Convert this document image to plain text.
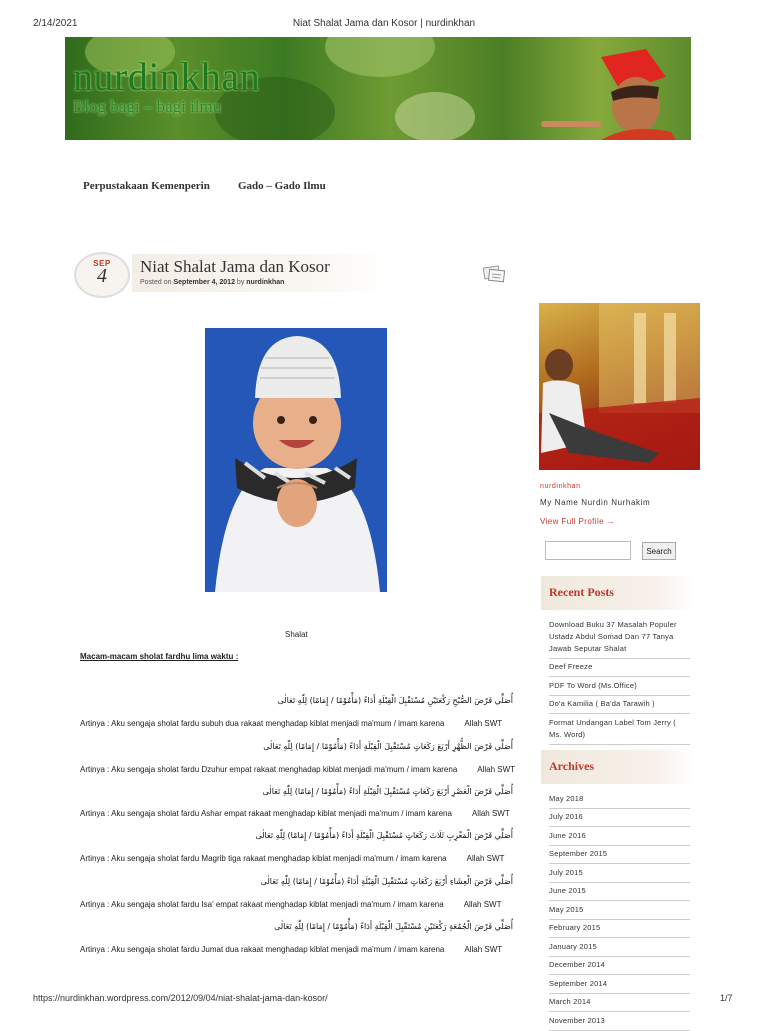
2/14/2021	Niat Shalat Jama dan Kosor | nurdinkhan
nurdinkhan
Blog bagi – bagi ilmu
Perpustakaan Kemenperin	Gado – Gado Ilmu
SEP
4	Niat Shalat Jama dan Kosor
Posted on September 4, 2012 by nurdinkhan
Shalat
Macam-macam sholat fardhu lima waktu :
أُصَلِّي فَرْضَ الصُّبْحِ رَكْعَتَيْنِ مُسْتَقْبِلَ الْقِبْلَةِ أَدَاءً (مَأْمُوْمًا / إِمَامًا) لِلّٰهِ تَعَالٰى
Artinya : Aku sengaja sholat fardu subuh dua rakaat menghadap kiblat menjadi ma'mum / imam karena	Allah SWT
أُصَلِّي فَرْضَ الظُّهْرِ أَرْبَعَ رَكَعَاتٍ مُسْتَقْبِلَ الْقِبْلَةِ أَدَاءً (مَأْمُوْمًا / إِمَامًا) لِلّٰهِ تَعَالٰى
Artinya : Aku sengaja sholat fardu Dzuhur empat rakaat menghadap kiblat menjadi ma'mum / imam karena	Allah SWT
أُصَلِّي فَرْضَ الْعَصْرِ أَرْبَعَ رَكَعَاتٍ مُسْتَقْبِلَ الْقِبْلَةِ أَدَاءً (مَأْمُوْمًا / إِمَامًا) لِلّٰهِ تَعَالٰى
Artinya : Aku sengaja sholat fardu Ashar empat rakaat menghadap kiblat menjadi ma'mum / imam karena	Allah SWT
أُصَلِّي فَرْضَ الْمَغْرِبِ ثَلَاثَ رَكَعَاتٍ مُسْتَقْبِلَ الْقِبْلَةِ أَدَاءً (مَأْمُوْمًا / إِمَامًا) لِلّٰهِ تَعَالٰى
Artinya : Aku sengaja sholat fardu Magrib tiga rakaat menghadap kiblat menjadi ma'mum / imam karena	Allah SWT
أُصَلِّي فَرْضَ الْعِشَاءِ أَرْبَعَ رَكَعَاتٍ مُسْتَقْبِلَ الْقِبْلَةِ أَدَاءً (مَأْمُوْمًا / إِمَامًا) لِلّٰهِ تَعَالٰى
Artinya : Aku sengaja sholat fardu Isa' empat rakaat menghadap kiblat menjadi ma'mum / imam karena	Allah SWT
أُصَلِّي فَرْضَ الْجُمُعَةِ رَكْعَتَيْنِ مُسْتَقْبِلَ الْقِبْلَةِ أَدَاءً (مَأْمُوْمًا / إِمَامًا) لِلّٰهِ تَعَالٰى
Artinya : Aku sengaja sholat fardu Jumat dua rakaat menghadap kiblat menjadi ma'mum / imam karena	Allah SWT
nurdinkhan
My Name Nurdin Nurhakim
View Full Profile →
Search
Recent Posts
Download Buku 37 Masalah Populer Ustadz Abdul Somad Dan 77 Tanya Jawab Seputar Shalat
Deef Freeze
PDF To Word (Ms.Office)
Do'a Kamilia ( Ba'da Tarawih )
Format Undangan Label Tom Jerry ( Ms. Word)
Archives
May 2018
July 2016
June 2016
September 2015
July 2015
June 2015
May 2015
February 2015
January 2015
December 2014
September 2014
March 2014
November 2013
https://nurdinkhan.wordpress.com/2012/09/04/niat-shalat-jama-dan-kosor/	1/7
